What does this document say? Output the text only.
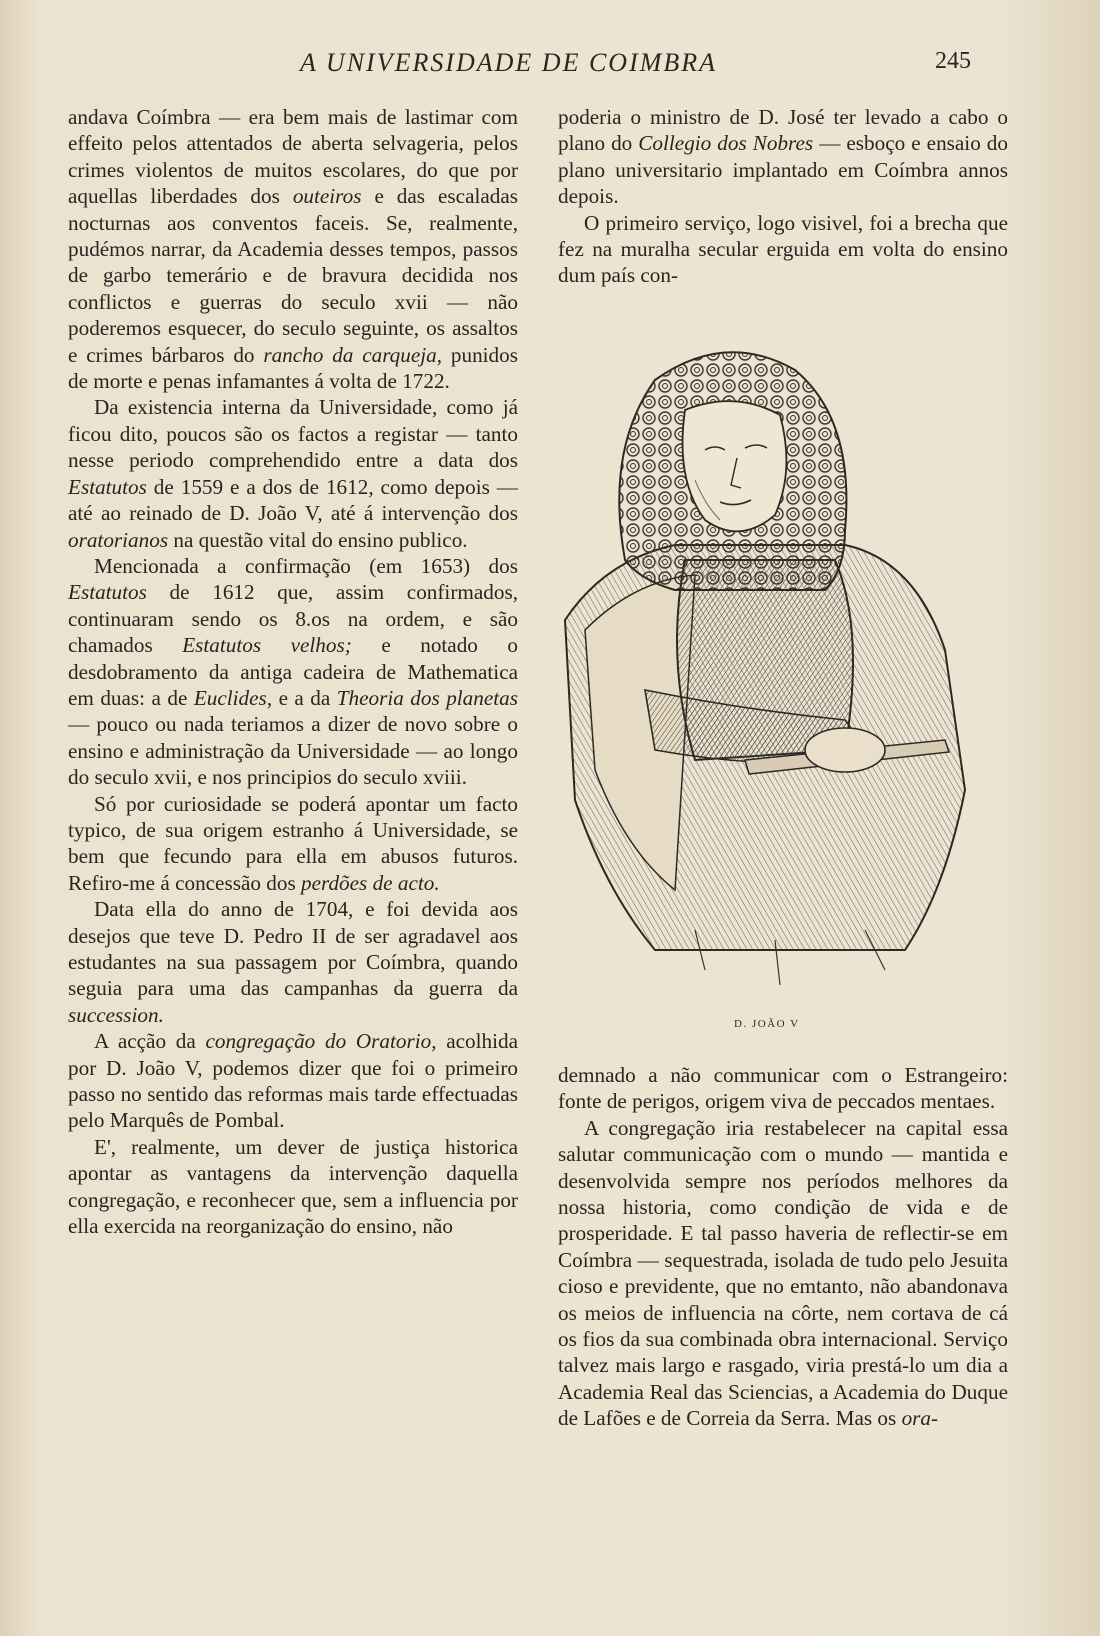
A UNIVERSIDADE DE COIMBRA	245

andava Coímbra — era bem mais de lastimar com effeito pelos attentados de aberta selvageria, pelos crimes violentos de muitos escolares, do que por aquellas liberdades dos outeiros e das escaladas nocturnas aos conventos faceis. Se, realmente, pudémos narrar, da Academia desses tempos, passos de garbo temerário e de bravura decidida nos conflictos e guerras do seculo xvii — não poderemos esquecer, do seculo seguinte, os assaltos e crimes bárbaros do rancho da carqueja, punidos de morte e penas infamantes á volta de 1722.

Da existencia interna da Universidade, como já ficou dito, poucos são os factos a registar — tanto nesse periodo comprehendido entre a data dos Estatutos de 1559 e a dos de 1612, como depois — até ao reinado de D. João V, até á intervenção dos oratorianos na questão vital do ensino publico.

Mencionada a confirmação (em 1653) dos Estatutos de 1612 que, assim confirmados, continuaram sendo os 8.os na ordem, e são chamados Estatutos velhos; e notado o desdobramento da antiga cadeira de Mathematica em duas: a de Euclides, e a da Theoria dos planetas — pouco ou nada teriamos a dizer de novo sobre o ensino e administração da Universidade — ao longo do seculo xvii, e nos principios do seculo xviii.

Só por curiosidade se poderá apontar um facto typico, de sua origem estranho á Universidade, se bem que fecundo para ella em abusos futuros. Refiro-me á concessão dos perdões de acto.

Data ella do anno de 1704, e foi devida aos desejos que teve D. Pedro II de ser agradavel aos estudantes na sua passagem por Coímbra, quando seguia para uma das campanhas da guerra da succession.

A acção da congregação do Oratorio, acolhida por D. João V, podemos dizer que foi o primeiro passo no sentido das reformas mais tarde effectuadas pelo Marquês de Pombal.

E', realmente, um dever de justiça historica apontar as vantagens da intervenção daquella congregação, e reconhecer que, sem a influencia por ella exercida na reorganização do ensino, não

poderia o ministro de D. José ter levado a cabo o plano do Collegio dos Nobres — esboço e ensaio do plano universitario implantado em Coímbra annos depois.

O primeiro serviço, logo visivel, foi a brecha que fez na muralha secular erguida em volta do ensino dum país con-

D. JOÃO V

demnado a não communicar com o Estrangeiro: fonte de perigos, origem viva de peccados mentaes.

A congregação iria restabelecer na capital essa salutar communicação com o mundo — mantida e desenvolvida sempre nos períodos melhores da nossa historia, como condição de vida e de prosperidade. E tal passo haveria de reflectir-se em Coímbra — sequestrada, isolada de tudo pelo Jesuita cioso e previdente, que no emtanto, não abandonava os meios de influencia na côrte, nem cortava de cá os fios da sua combinada obra internacional. Serviço talvez mais largo e rasgado, viria prestá-lo um dia a Academia Real das Sciencias, a Academia do Duque de Lafões e de Correia da Serra. Mas os ora-
